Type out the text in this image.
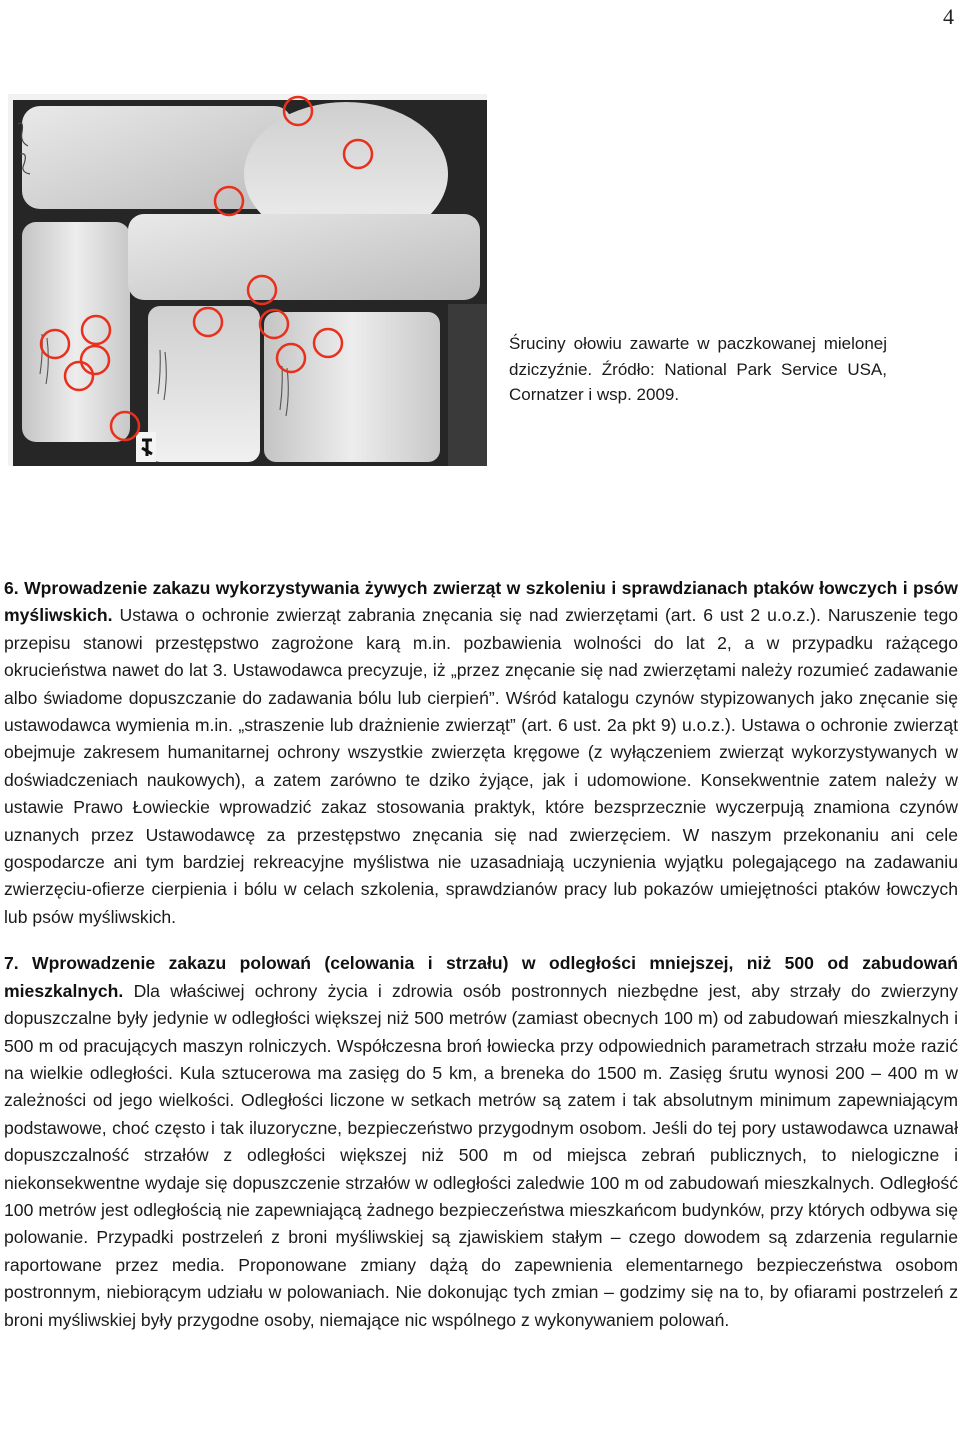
4
Śruciny ołowiu zawarte w paczkowanej mielonej dziczyźnie. Źródło: National Park Service USA, Cornatzer i wsp. 2009.

6. Wprowadzenie zakazu wykorzystywania żywych zwierząt w szkoleniu i sprawdzianach ptaków łowczych i psów myśliwskich. Ustawa o ochronie zwierząt zabrania znęcania się nad zwierzętami (art. 6 ust 2 u.o.z.). Naruszenie tego przepisu stanowi przestępstwo zagrożone karą m.in. pozbawienia wolności do lat 2, a w przypadku rażącego okrucieństwa nawet do lat 3. Ustawodawca precyzuje, iż „przez znęcanie się nad zwierzętami należy rozumieć zadawanie albo świadome dopuszczanie do zadawania bólu lub cierpień”. Wśród katalogu czynów stypizowanych jako znęcanie się ustawodawca wymienia m.in. „straszenie lub drażnienie zwierząt” (art. 6 ust. 2a pkt 9) u.o.z.). Ustawa o ochronie zwierząt obejmuje zakresem humanitarnej ochrony wszystkie zwierzęta kręgowe (z wyłączeniem zwierząt wykorzystywanych w doświadczeniach naukowych), a zatem zarówno te dziko żyjące, jak i udomowione. Konsekwentnie zatem należy w ustawie Prawo Łowieckie wprowadzić zakaz stosowania praktyk, które bezsprzecznie wyczerpują znamiona czynów uznanych przez Ustawodawcę za przestępstwo znęcania się nad zwierzęciem. W naszym przekonaniu ani cele gospodarcze ani tym bardziej rekreacyjne myślistwa nie uzasadniają uczynienia wyjątku polegającego na zadawaniu zwierzęciu-ofierze cierpienia i bólu w celach szkolenia, sprawdzianów pracy lub pokazów umiejętności ptaków łowczych lub psów myśliwskich.

7. Wprowadzenie zakazu polowań (celowania i strzału) w odległości mniejszej, niż 500 od zabudowań mieszkalnych. Dla właściwej ochrony życia i zdrowia osób postronnych niezbędne jest, aby strzały do zwierzyny dopuszczalne były jedynie w odległości większej niż 500 metrów (zamiast obecnych 100 m) od zabudowań mieszkalnych i 500 m od pracujących maszyn rolniczych. Współczesna broń łowiecka przy odpowiednich parametrach strzału może razić na wielkie odległości. Kula sztucerowa ma zasięg do 5 km, a breneka do 1500 m. Zasięg śrutu wynosi 200 – 400 m w zależności od jego wielkości. Odległości liczone w setkach metrów są zatem i tak absolutnym minimum zapewniającym podstawowe, choć często i tak iluzoryczne, bezpieczeństwo przygodnym osobom. Jeśli do tej pory ustawodawca uznawał dopuszczalność strzałów z odległości większej niż 500 m od miejsca zebrań publicznych, to nielogiczne i niekonsekwentne wydaje się dopuszczenie strzałów w odległości zaledwie 100 m od zabudowań mieszkalnych. Odległość 100 metrów jest odległością nie zapewniającą żadnego bezpieczeństwa mieszkańcom budynków, przy których odbywa się polowanie. Przypadki postrzeleń z broni myśliwskiej są zjawiskiem stałym – czego dowodem są zdarzenia regularnie raportowane przez media. Proponowane zmiany dążą do zapewnienia elementarnego bezpieczeństwa osobom postronnym, niebiorącym udziału w polowaniach. Nie dokonując tych zmian – godzimy się na to, by ofiarami postrzeleń z broni myśliwskiej były przygodne osoby, niemające nic wspólnego z wykonywaniem polowań.
